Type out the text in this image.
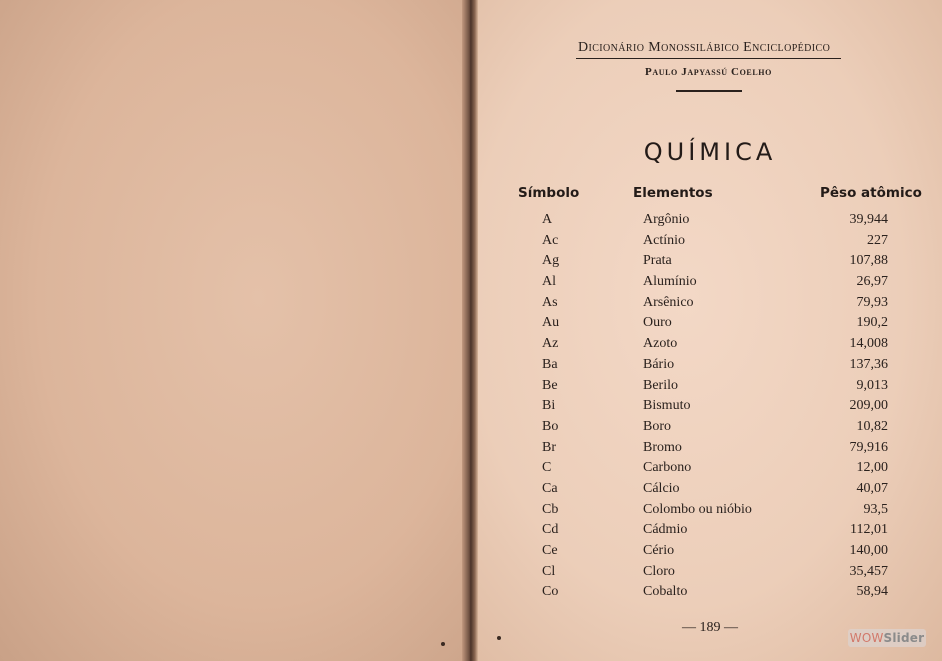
Dicionário Monossilábico Enciclopédico
Paulo Japyassú Coelho
QUÍMICA
Símbolo	Elementos	Pêso atômico
A	Argônio	39,944
Ac	Actínio	227
Ag	Prata	107,88
Al	Alumínio	26,97
As	Arsênico	79,93
Au	Ouro	190,2
Az	Azoto	14,008
Ba	Bário	137,36
Be	Berilo	9,013
Bi	Bismuto	209,00
Bo	Boro	10,82
Br	Bromo	79,916
C	Carbono	12,00
Ca	Cálcio	40,07
Cb	Colombo ou nióbio	93,5
Cd	Cádmio	112,01
Ce	Cério	140,00
Cl	Cloro	35,457
Co	Cobalto	58,94
— 189 —
WOWSlider
